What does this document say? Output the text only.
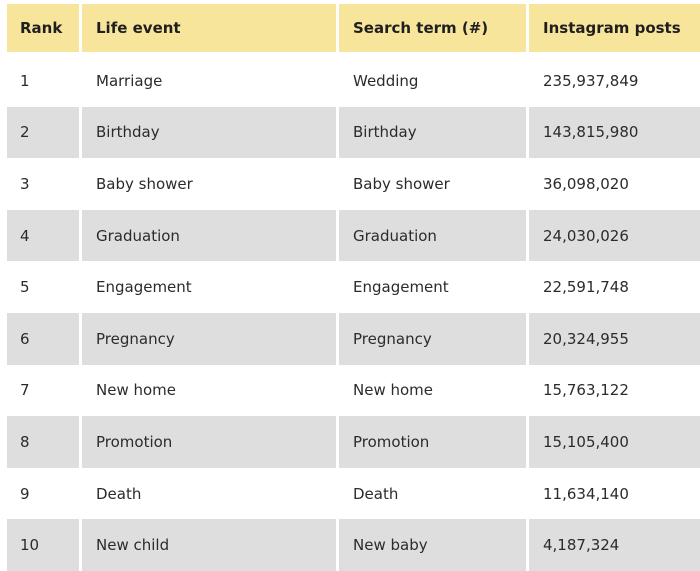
Rank	Life event	Search term (#)	Instagram posts
1	Marriage	Wedding	235,937,849
2	Birthday	Birthday	143,815,980
3	Baby shower	Baby shower	36,098,020
4	Graduation	Graduation	24,030,026
5	Engagement	Engagement	22,591,748
6	Pregnancy	Pregnancy	20,324,955
7	New home	New home	15,763,122
8	Promotion	Promotion	15,105,400
9	Death	Death	11,634,140
10	New child	New baby	4,187,324
